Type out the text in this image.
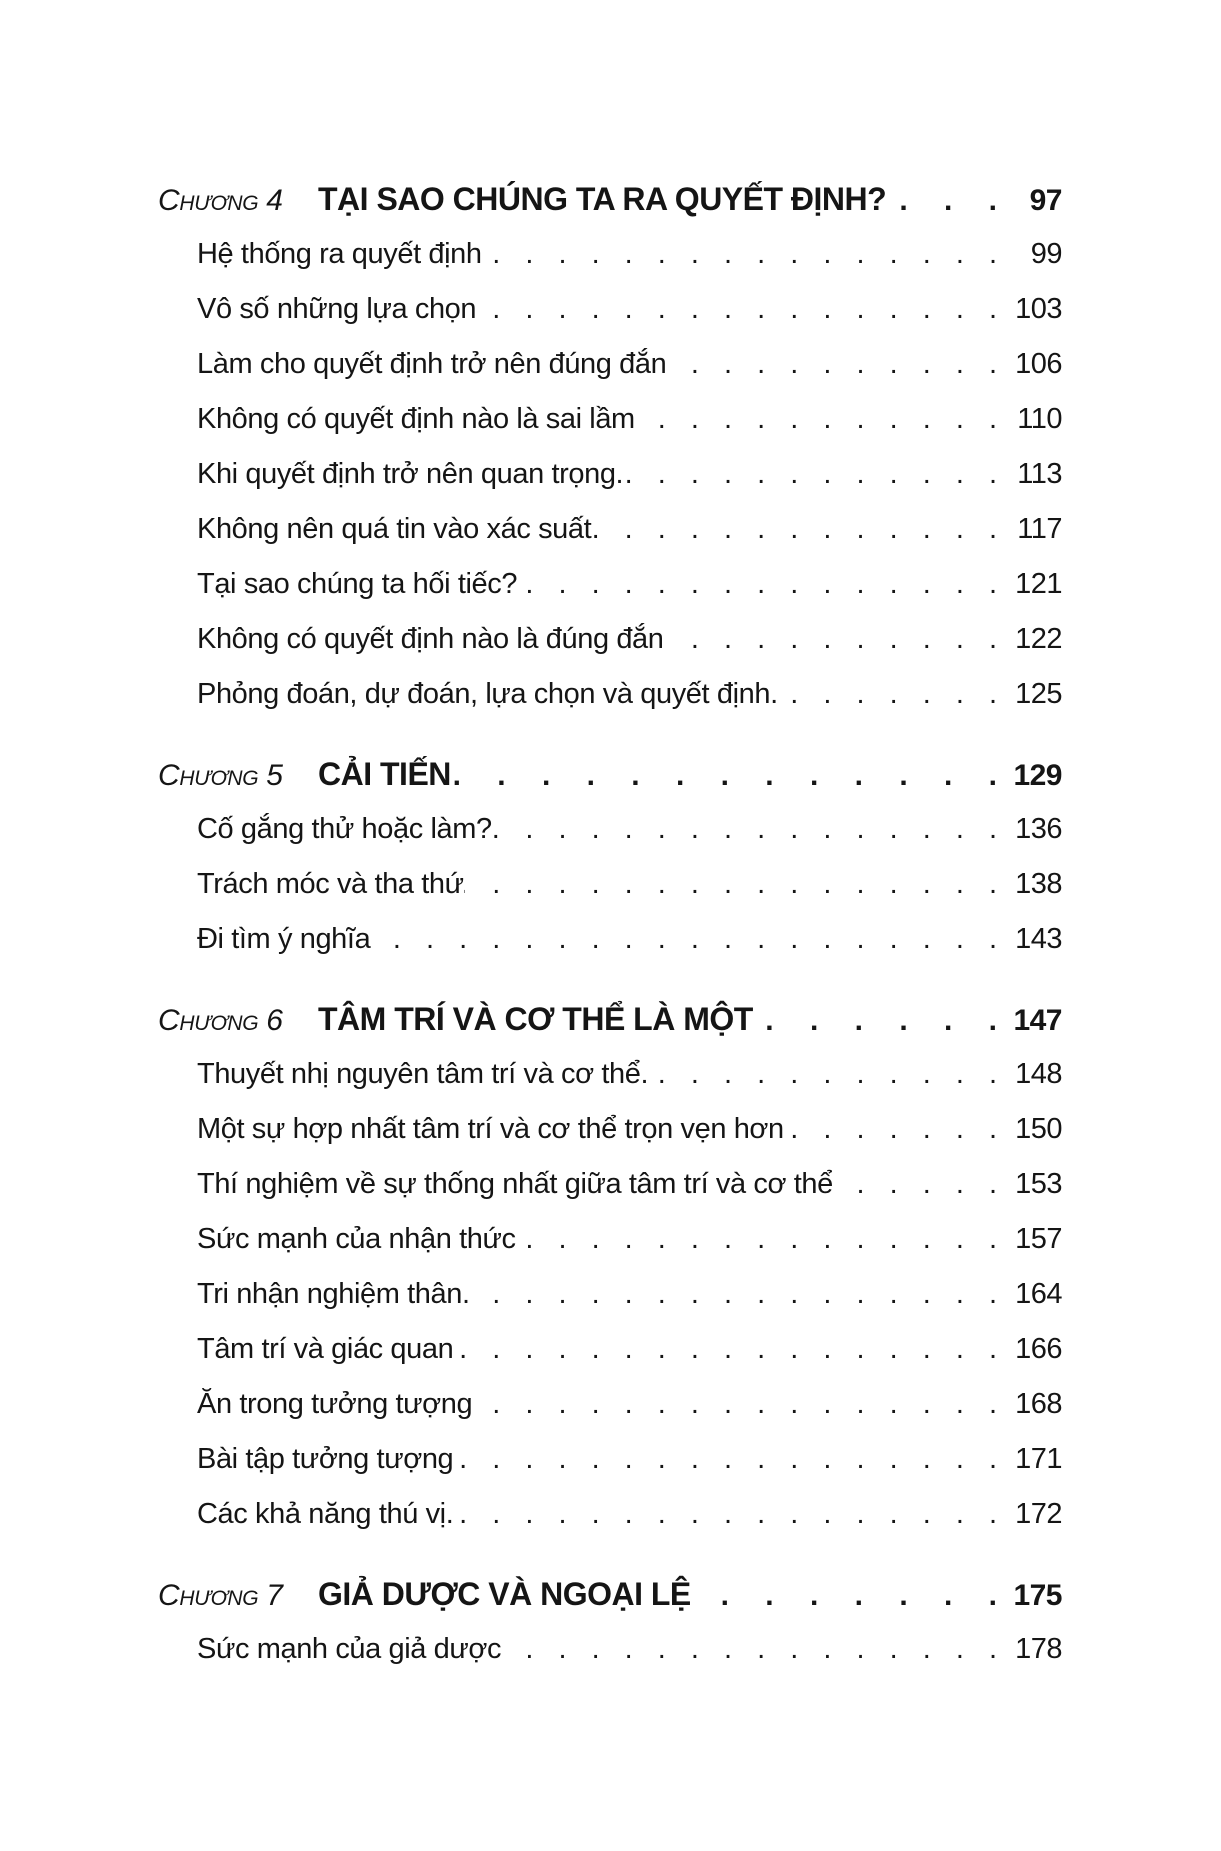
Chương 4	TẠI SAO CHÚNG TA RA QUYẾT ĐỊNH? . . .	97
Hệ thống ra quyết định . . .	99
Vô số những lựa chọn . . .	103
Làm cho quyết định trở nên đúng đắn . . .	106
Không có quyết định nào là sai lầm . . .	110
Khi quyết định trở nên quan trọng. . . .	113
Không nên quá tin vào xác suất . . .	117
Tại sao chúng ta hối tiếc? . . .	121
Không có quyết định nào là đúng đắn . . .	122
Phỏng đoán, dự đoán, lựa chọn và quyết định. . . .	125
Chương 5	CẢI TIẾN . . .	129
Cố gắng thử hoặc làm?. . . .	136
Trách móc và tha thứ . . .	138
Đi tìm ý nghĩa . . .	143
Chương 6	TÂM TRÍ VÀ CƠ THỂ LÀ MỘT . . .	147
Thuyết nhị nguyên tâm trí và cơ thể. . . .	148
Một sự hợp nhất tâm trí và cơ thể trọn vẹn hơn . . .	150
Thí nghiệm về sự thống nhất giữa tâm trí và cơ thể . . .	153
Sức mạnh của nhận thức . . .	157
Tri nhận nghiệm thân. . . .	164
Tâm trí và giác quan . . .	166
Ăn trong tưởng tượng . . .	168
Bài tập tưởng tượng . . .	171
Các khả năng thú vị. . . .	172
Chương 7	GIẢ DƯỢC VÀ NGOẠI LỆ . . .	175
Sức mạnh của giả dược . . .	178
